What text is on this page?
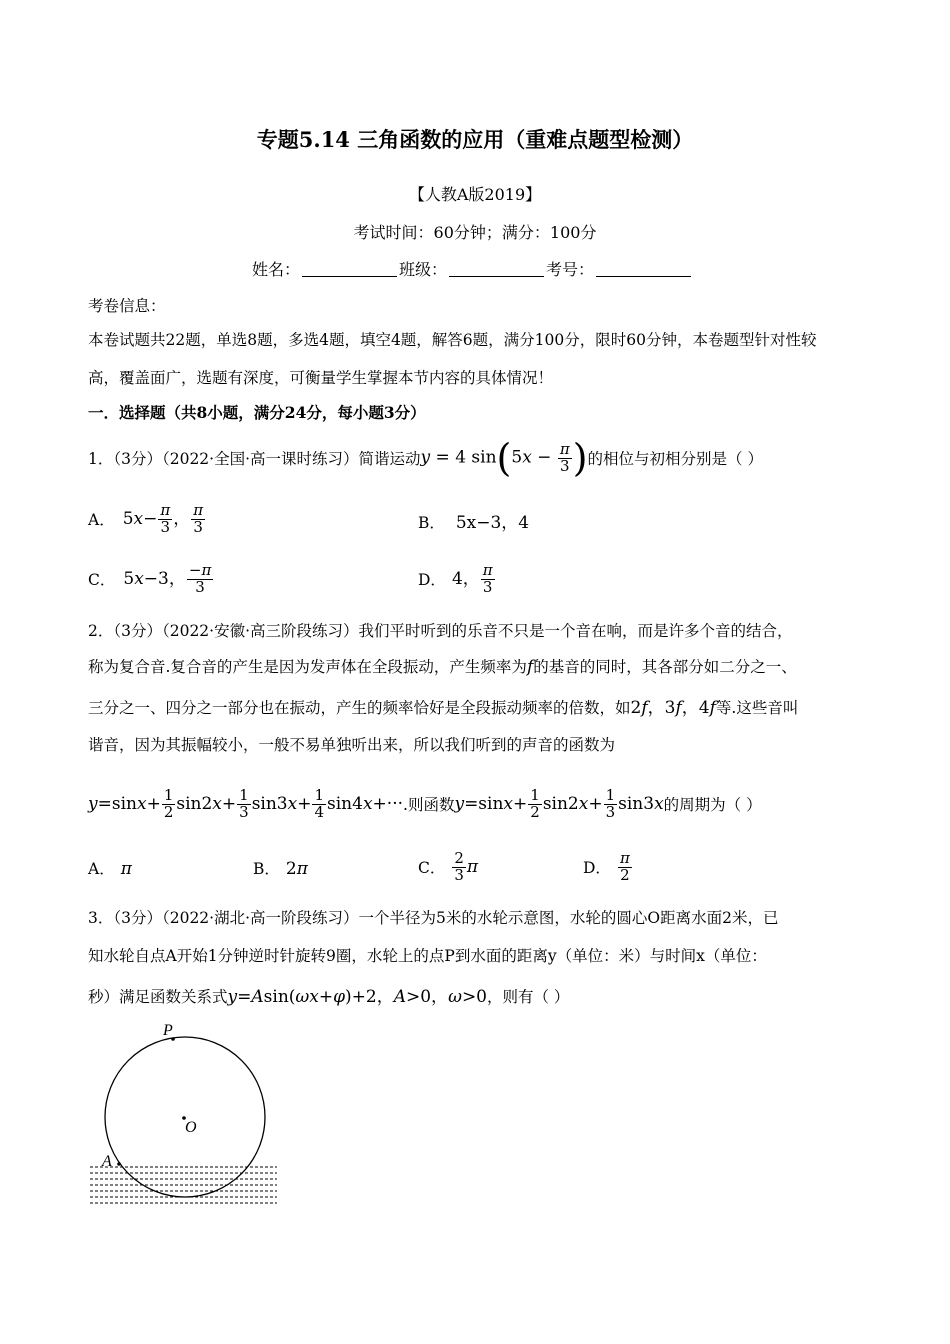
专题5.14 三角函数的应用（重难点题型检测）
【人教A版2019】
考试时间：60分钟；满分：100分
姓名：	班级：	考号：
考卷信息：
本卷试题共22题，单选8题，多选4题，填空4题，解答6题，满分100分，限时60分钟，本卷题型针对性较
高，覆盖面广，选题有深度，可衡量学生掌握本节内容的具体情况！
一．选择题（共8小题，满分24分，每小题3分）
1．（3分）（2022·全国·高一课时练习）简谐运动 y = 4 $\sin(5x - \frac{\pi}{3}$ ) 的相位与初相分别是（ ）
A． $5x- \frac{\pi}{3}$ ， $\frac{\pi}{3}$	B． 5x−3，4
C． 5x−3， $\frac{-\pi}{3}$	D． 4， $\frac{\pi}{3}$
2．（3分）（2022·安徽·高三阶段练习）我们平时听到的乐音不只是一个音在响，而是许多个音的结合，
称为复合音.复合音的产生是因为发声体在全段振动，产生频率为f的基音的同时，其各部分如二分之一、
三分之一、四分之一部分也在振动，产生的频率恰好是全段振动频率的倍数，如2f，3f，4f等.这些音叫
谐音，因为其振幅较小，一般不易单独听出来，所以我们听到的声音的函数为
$y=\sin x+ \frac{1}{2} \sin 2x+ \frac{1}{3} \sin 3x+ \frac{1}{4} \sin 4x+\cdot\cdot\cdot$ .则函数 $y=\sin x+ \frac{1}{2} \sin 2x+ \frac{1}{3} \sin 3x$ 的周期为（ ）
A． π	B． 2π	C． $\frac{2}{3}$ π	D． $\frac{\pi}{2}$
3．（3分）（2022·湖北·高一阶段练习）一个半径为5米的水轮示意图，水轮的圆心O距离水面2米，已
知水轮自点A开始1分钟逆时针旋转9圈，水轮上的点P到水面的距离y（单位：米）与时间x（单位：
秒）满足函数关系式y=Asin(ωx+φ)+2，A>0，ω>0，则有（ ）
P
O
A
